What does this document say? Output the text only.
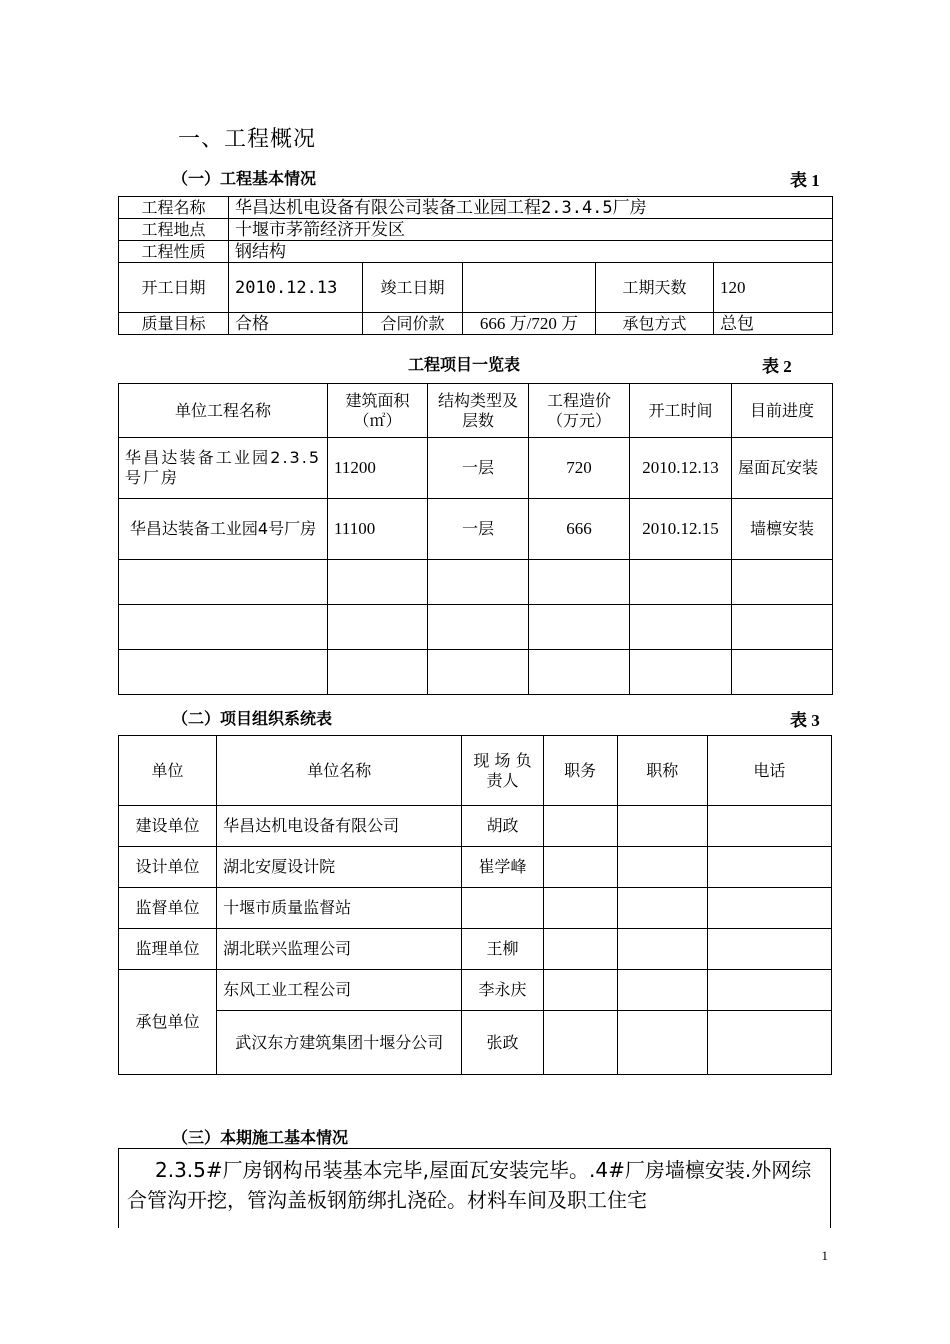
一、工程概况
（一）工程基本情况	表 1
工程名称	华昌达机电设备有限公司装备工业园工程2.3.4.5厂房				
工程地点	十堰市茅箭经济开发区				
工程性质	钢结构				
开工日期	2010.12.13	竣工日期		工期天数	120
质量目标	合格	合同价款	666 万/720 万	承包方式	总包
工程项目一览表	表 2
单位工程名称	建筑面积（㎡）	结构类型及层数	工程造价（万元）	开工时间	目前进度
华昌达装备工业园2.3.5号厂房	11200	一层	720	2010.12.13	屋面瓦安装
华昌达装备工业园4号厂房	11100	一层	666	2010.12.15	墙檩安装

（二）项目组织系统表	表 3
单位	单位名称	现 场 负责人	职务	职称	电话
建设单位	华昌达机电设备有限公司	胡政			
设计单位	湖北安厦设计院	崔学峰			
监督单位	十堰市质量监督站				
监理单位	湖北联兴监理公司	王柳			
承包单位	东风工业工程公司	李永庆			
	武汉东方建筑集团十堰分公司	张政			
（三）本期施工基本情况
2.3.5#厂房钢构吊装基本完毕,屋面瓦安装完毕。.4#厂房墙檩安装.外网综合管沟开挖，管沟盖板钢筋绑扎浇砼。材料车间及职工住宅
1
